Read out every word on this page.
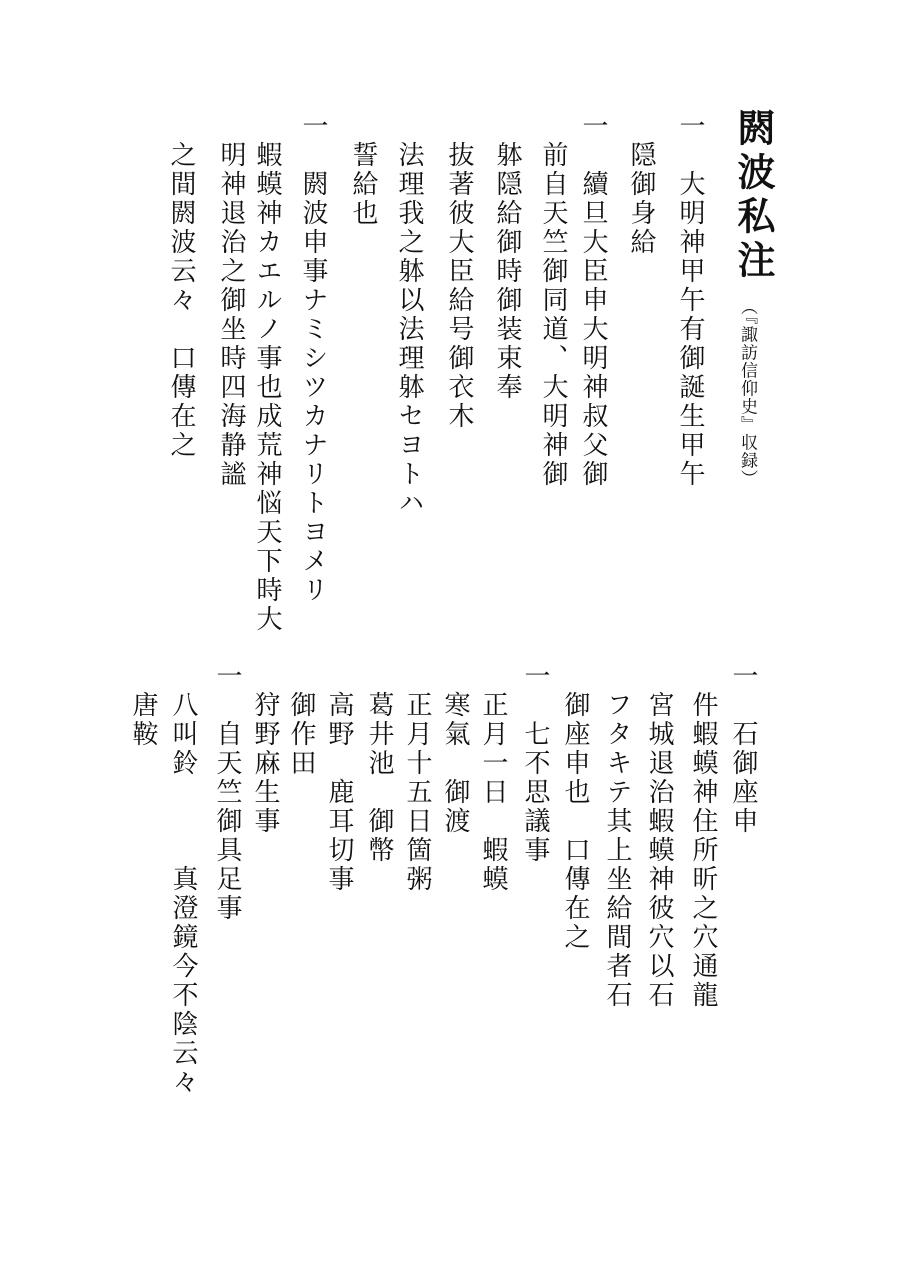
閼波私注
（『諏訪信仰史』収録）
一　大明神甲午有御誕生甲午
　隠御身給
一　續旦大臣申大明神叔父御
　前自天竺御同道、大明神御
　躰隠給御時御装束奉
　抜著彼大臣給号御衣木
　法理我之躰以法理躰セヨトハ
　誓給也
一　閼波申事ナミシツカナリトヨメリ
　蝦蟆神カエルノ事也成荒神悩天下時大
　明神退治之御坐時四海静謐
　之間閼波云々　口傳在之
一　石御座申
　件蝦蟆神住所昕之穴通龍
　宮城退治蝦蟆神彼穴以石
　フタキテ其上坐給間者石
　御座申也　口傳在之
一　七不思議事
　正月一日　蝦蟆
　寒氣　御渡
　正月十五日箇粥
　葛井池　御幣
　高野　鹿耳切事
　御作田
　狩野麻生事
一　自天竺御具足事
　八叫鈴　　　真澄鏡今不陰云々
　唐鞍
